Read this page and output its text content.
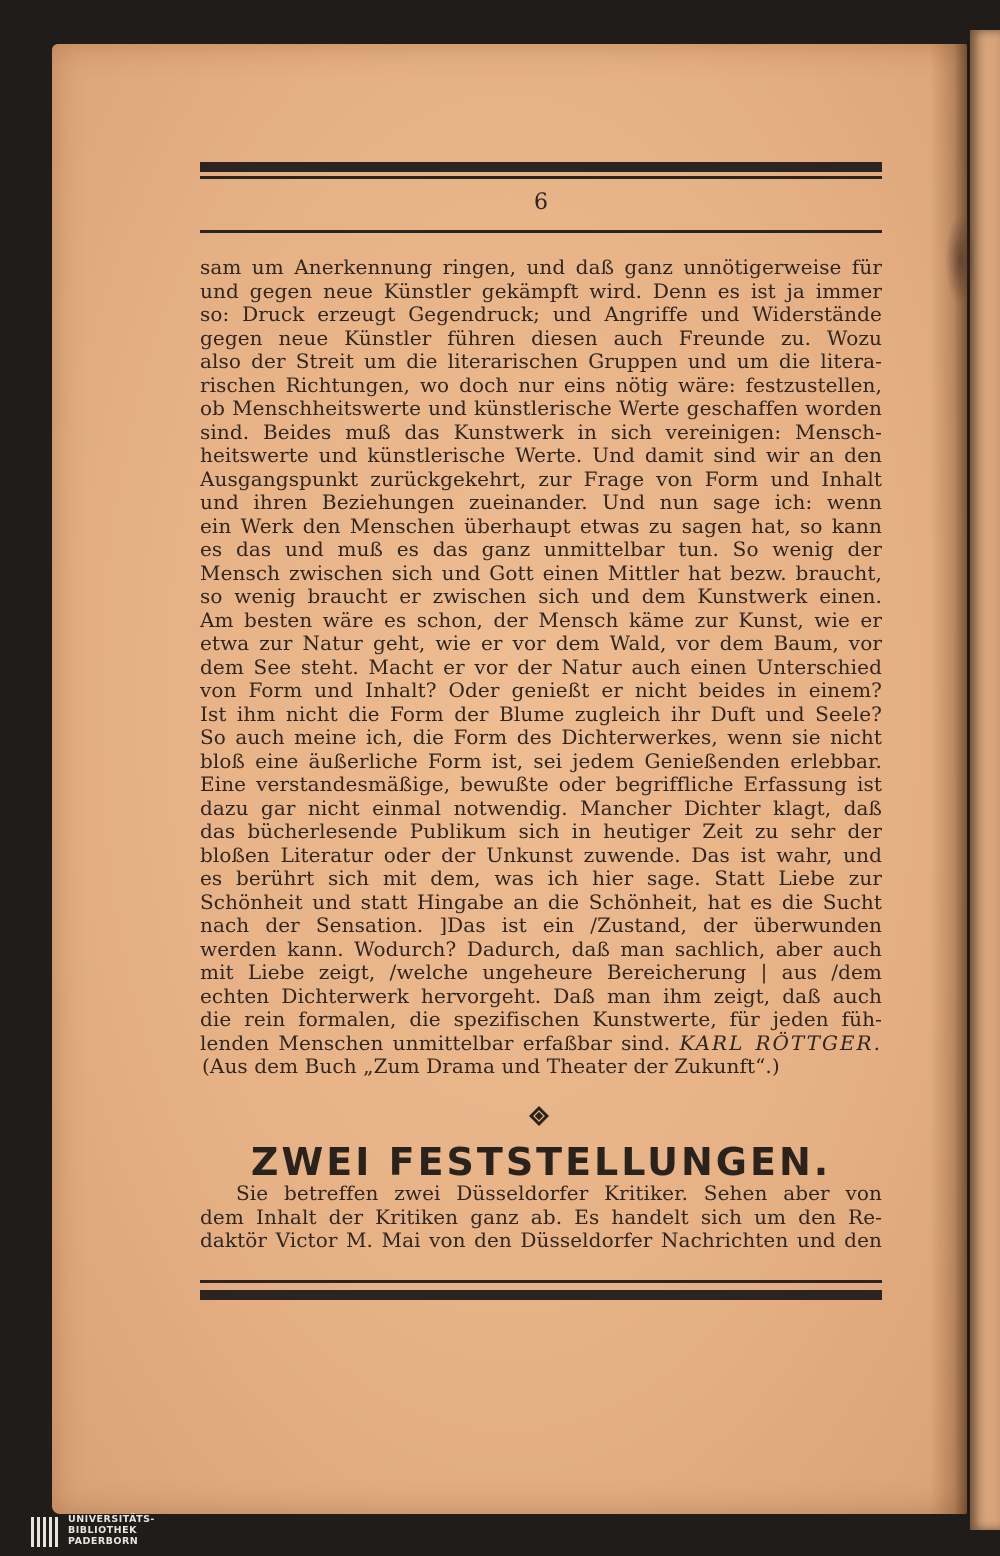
6
sam um Anerkennung ringen, und daß ganz unnötigerweise für
und gegen neue Künstler gekämpft wird. Denn es ist ja immer
so: Druck erzeugt Gegendruck; und Angriffe und Widerstände
gegen neue Künstler führen diesen auch Freunde zu. Wozu
also der Streit um die literarischen Gruppen und um die litera-
rischen Richtungen, wo doch nur eins nötig wäre: festzustellen,
ob Menschheitswerte und künstlerische Werte geschaffen worden
sind. Beides muß das Kunstwerk in sich vereinigen: Mensch-
heitswerte und künstlerische Werte. Und damit sind wir an den
Ausgangspunkt zurückgekehrt, zur Frage von Form und Inhalt
und ihren Beziehungen zueinander. Und nun sage ich: wenn
ein Werk den Menschen überhaupt etwas zu sagen hat, so kann
es das und muß es das ganz unmittelbar tun. So wenig der
Mensch zwischen sich und Gott einen Mittler hat bezw. braucht,
so wenig braucht er zwischen sich und dem Kunstwerk einen.
Am besten wäre es schon, der Mensch käme zur Kunst, wie er
etwa zur Natur geht, wie er vor dem Wald, vor dem Baum, vor
dem See steht. Macht er vor der Natur auch einen Unterschied
von Form und Inhalt? Oder genießt er nicht beides in einem?
Ist ihm nicht die Form der Blume zugleich ihr Duft und Seele?
So auch meine ich, die Form des Dichterwerkes, wenn sie nicht
bloß eine äußerliche Form ist, sei jedem Genießenden erlebbar.
Eine verstandesmäßige, bewußte oder begriffliche Erfassung ist
dazu gar nicht einmal notwendig. Mancher Dichter klagt, daß
das bücherlesende Publikum sich in heutiger Zeit zu sehr der
bloßen Literatur oder der Unkunst zuwende. Das ist wahr, und
es berührt sich mit dem, was ich hier sage. Statt Liebe zur
Schönheit und statt Hingabe an die Schönheit, hat es die Sucht
nach der Sensation. ]Das ist ein /Zustand, der überwunden
werden kann. Wodurch? Dadurch, daß man sachlich, aber auch
mit Liebe zeigt, /welche ungeheure Bereicherung | aus /dem
echten Dichterwerk hervorgeht. Daß man ihm zeigt, daß auch
die rein formalen, die spezifischen Kunstwerte, für jeden füh-
lenden Menschen unmittelbar erfaßbar sind. KARL RÖTTGER.
(Aus dem Buch „Zum Drama und Theater der Zukunft“.)
ZWEI FESTSTELLUNGEN.
Sie betreffen zwei Düsseldorfer Kritiker. Sehen aber von
dem Inhalt der Kritiken ganz ab. Es handelt sich um den Re-
daktör Victor M. Mai von den Düsseldorfer Nachrichten und den
UNIVERSITÄTS-
BIBLIOTHEK
PADERBORN
